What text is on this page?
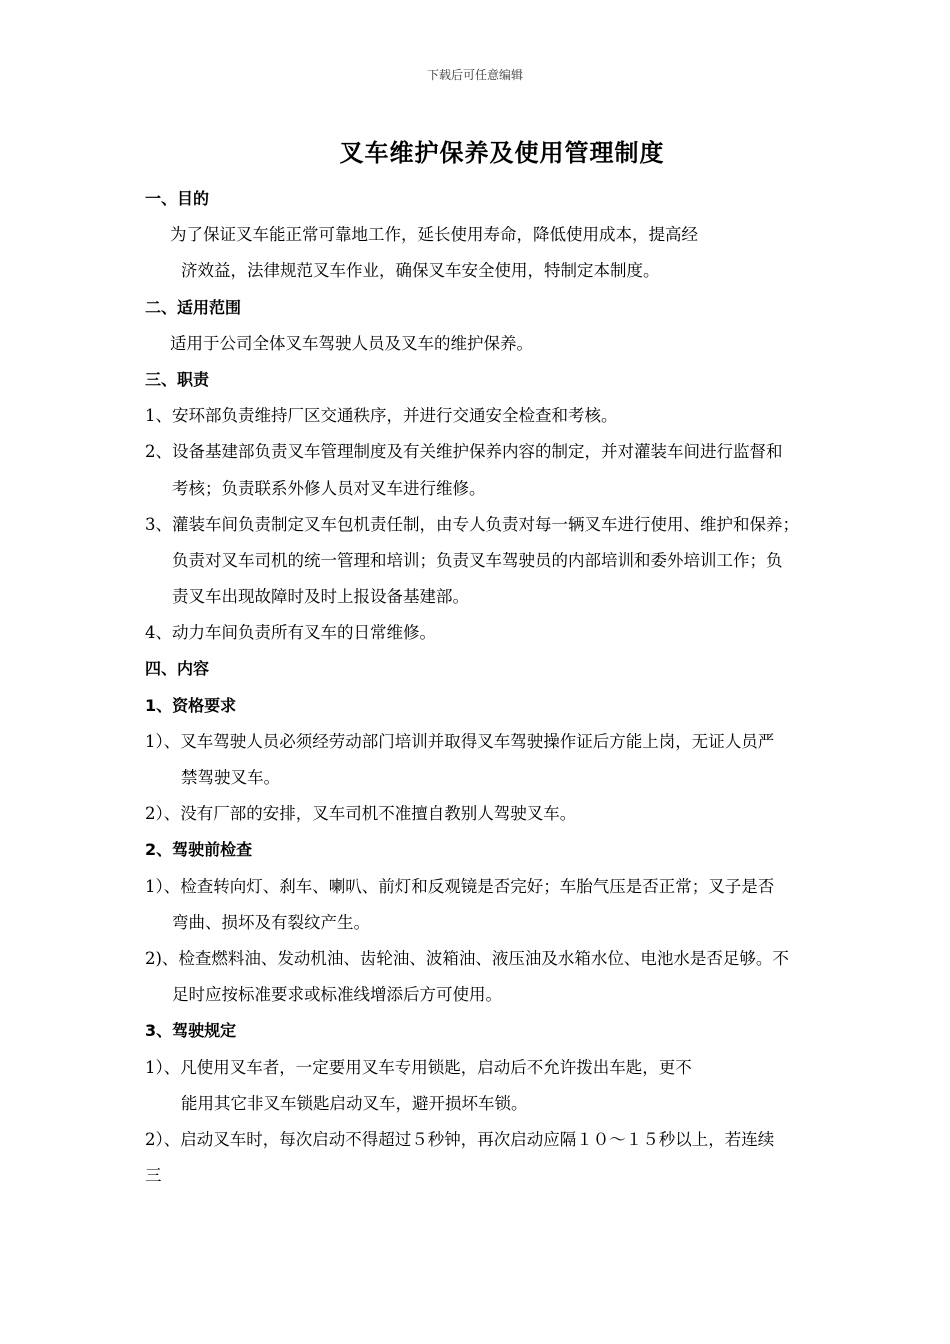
下载后可任意编辑
叉车维护保养及使用管理制度
一、目的
为了保证叉车能正常可靠地工作，延长使用寿命，降低使用成本，提高经
济效益，法律规范叉车作业，确保叉车安全使用，特制定本制度。
二、适用范围
适用于公司全体叉车驾驶人员及叉车的维护保养。
三、职责
1、安环部负责维持厂区交通秩序，并进行交通安全检查和考核。
2、设备基建部负责叉车管理制度及有关维护保养内容的制定，并对灌装车间进行监督和
考核；负责联系外修人员对叉车进行维修。
3、灌装车间负责制定叉车包机责任制，由专人负责对每一辆叉车进行使用、维护和保养；
负责对叉车司机的统一管理和培训；负责叉车驾驶员的内部培训和委外培训工作；负
责叉车出现故障时及时上报设备基建部。
4、动力车间负责所有叉车的日常维修。
四、内容
1、资格要求
1）、叉车驾驶人员必须经劳动部门培训并取得叉车驾驶操作证后方能上岗，无证人员严
禁驾驶叉车。
2）、没有厂部的安排，叉车司机不准擅自教别人驾驶叉车。
2、驾驶前检查
1）、检查转向灯、刹车、喇叭、前灯和反观镜是否完好；车胎气压是否正常；叉子是否
弯曲、损坏及有裂纹产生。
2)、检查燃料油、发动机油、齿轮油、波箱油、液压油及水箱水位、电池水是否足够。不
足时应按标准要求或标准线增添后方可使用。
3、驾驶规定
1）、凡使用叉车者，一定要用叉车专用锁匙，启动后不允许拨出车匙，更不
能用其它非叉车锁匙启动叉车，避开损坏车锁。
2）、启动叉车时，每次启动不得超过５秒钟，再次启动应隔１０～１５秒以上，若连续
三
